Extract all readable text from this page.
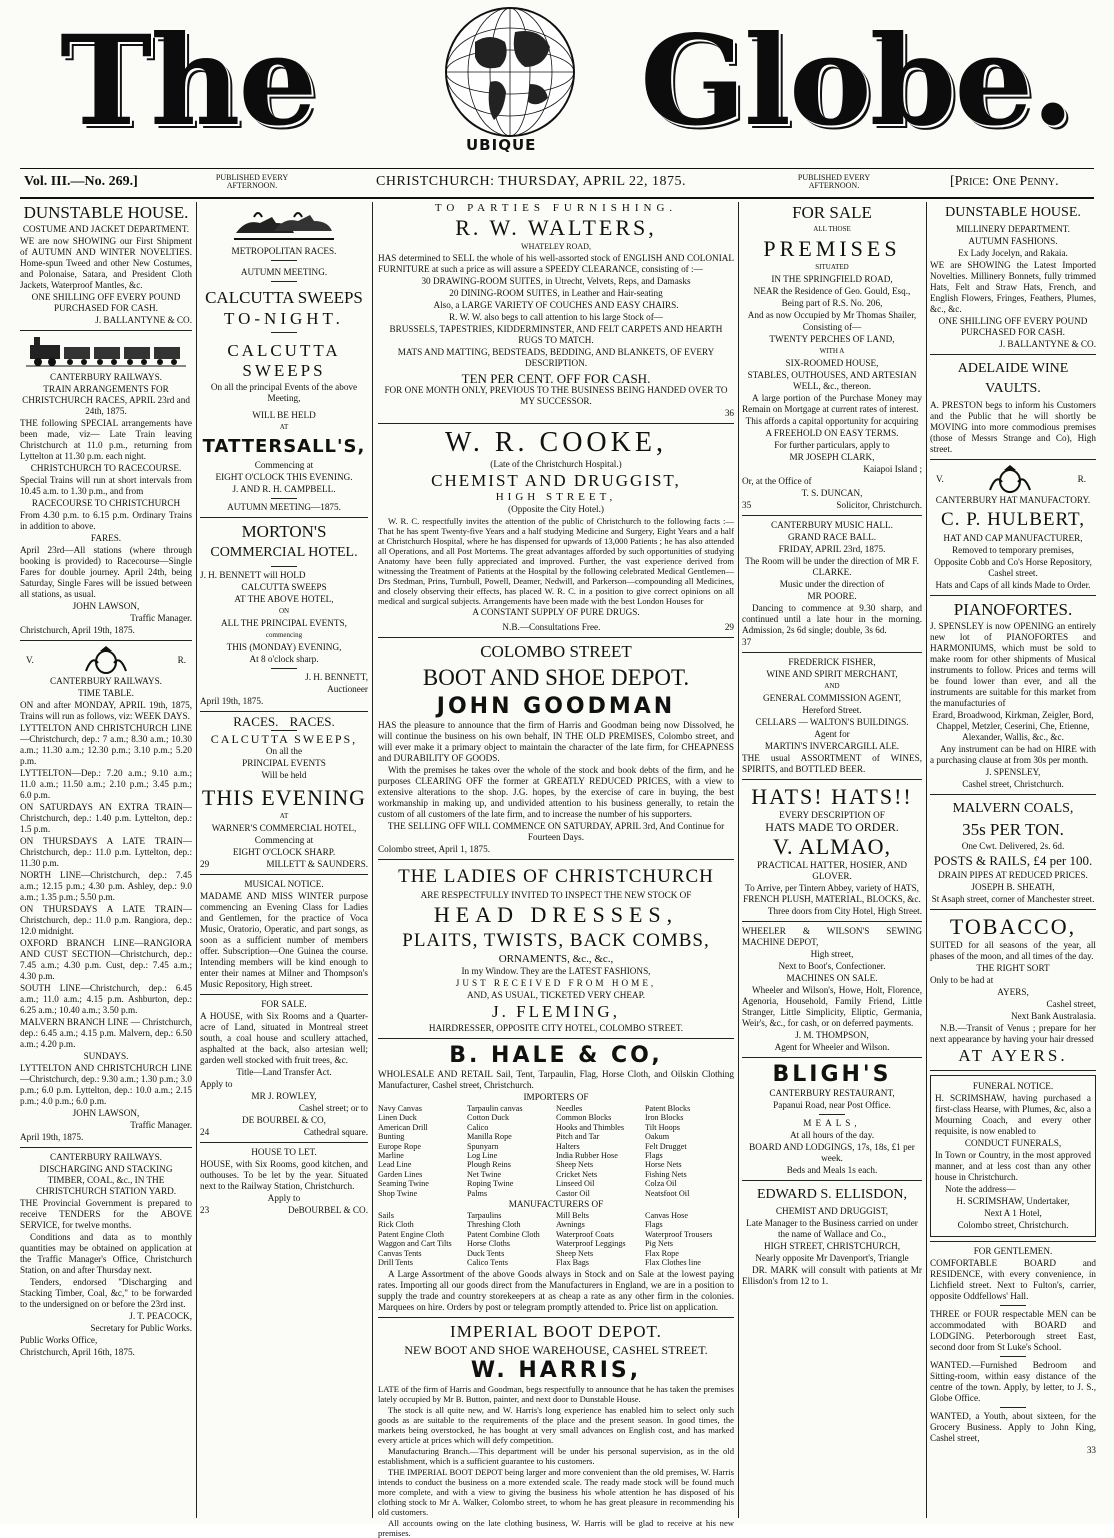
The	UBIQUE Globe.
Vol. III.—No. 269.]	PUBLISHED EVERY AFTERNOON.	CHRISTCHURCH: THURSDAY, APRIL 22, 1875.	PUBLISHED EVERY AFTERNOON.	[Price: One Penny.

DUNSTABLE HOUSE.

COSTUME AND JACKET DEPARTMENT.

WE are now SHOWING our First Shipment of AUTUMN AND WINTER NOVELTIES. Home-spun Tweed and other New Costumes, and Polonaise, Satara, and President Cloth Jackets, Waterproof Mantles, &c.

ONE SHILLING OFF EVERY POUND PURCHASED FOR CASH.

J. BALLANTYNE & CO.

CANTERBURY RAILWAYS.

TRAIN ARRANGEMENTS FOR CHRISTCHURCH RACES, APRIL 23rd and 24th, 1875.

THE following SPECIAL arrangements have been made, viz— Late Train leaving Christchurch at 11.0 p.m., returning from Lyttelton at 11.30 p.m. each night.

CHRISTCHURCH TO RACECOURSE.

Special Trains will run at short intervals from 10.45 a.m. to 1.30 p.m., and from

RACECOURSE TO CHRISTCHURCH

From 4.30 p.m. to 6.15 p.m. Ordinary Trains in addition to above.

FARES.

April 23rd—All stations (where through booking is provided) to Racecourse—Single Fares for double journey. April 24th, being Saturday, Single Fares will be issued between all stations, as usual.

JOHN LAWSON,

Traffic Manager.

Christchurch, April 19th, 1875.

V.	R.

CANTERBURY RAILWAYS.

TIME TABLE.

ON and after MONDAY, APRIL 19th, 1875, Trains will run as follows, viz: WEEK DAYS.

LYTTELTON AND CHRISTCHURCH LINE—Christchurch, dep.: 7 a.m.; 8.30 a.m.; 10.30 a.m.; 11.30 a.m.; 12.30 p.m.; 3.10 p.m.; 5.20 p.m.

LYTTELTON—Dep.: 7.20 a.m.; 9.10 a.m.; 11.0 a.m.; 11.50 a.m.; 2.10 p.m.; 3.45 p.m.; 6.0 p.m.

ON SATURDAYS AN EXTRA TRAIN—Christchurch, dep.: 1.40 p.m. Lyttelton, dep.: 1.5 p.m.

ON THURSDAYS A LATE TRAIN—Christchurch, dep.: 11.0 p.m. Lyttelton, dep.: 11.30 p.m.

NORTH LINE—Christchurch, dep.: 7.45 a.m.; 12.15 p.m.; 4.30 p.m. Ashley, dep.: 9.0 a.m.; 1.35 p.m.; 5.50 p.m.

ON THURSDAYS A LATE TRAIN—Christchurch, dep.: 11.0 p.m. Rangiora, dep.: 12.0 midnight.

OXFORD BRANCH LINE—RANGIORA AND CUST SECTION—Christchurch, dep.: 7.45 a.m.; 4.30 p.m. Cust, dep.: 7.45 a.m.; 4.30 p.m.

SOUTH LINE—Christchurch, dep.: 6.45 a.m.; 11.0 a.m.; 4.15 p.m. Ashburton, dep.: 6.25 a.m.; 10.40 a.m.; 3.50 p.m.

MALVERN BRANCH LINE — Christchurch, dep.: 6.45 a.m.; 4.15 p.m. Malvern, dep.: 6.50 a.m.; 4.20 p.m.

SUNDAYS.

LYTTELTON AND CHRISTCHURCH LINE—Christchurch, dep.: 9.30 a.m.; 1.30 p.m.; 3.0 p.m.; 6.0 p.m. Lyttelton, dep.: 10.0 a.m.; 2.15 p.m.; 4.0 p.m.; 6.0 p.m.

JOHN LAWSON,

Traffic Manager.

April 19th, 1875.

CANTERBURY RAILWAYS.

DISCHARGING AND STACKING TIMBER, COAL, &c., IN THE CHRISTCHURCH STATION YARD.

THE Provincial Government is prepared to receive TENDERS for the ABOVE SERVICE, for twelve months.

Conditions and data as to monthly quantities may be obtained on application at the Traffic Manager's Office, Christchurch Station, on and after Thursday next.

Tenders, endorsed "Discharging and Stacking Timber, Coal, &c," to be forwarded to the undersigned on or before the 23rd inst.

J. T. PEACOCK,

Secretary for Public Works.

Public Works Office,

Christchurch, April 16th, 1875.

METROPOLITAN RACES.

AUTUMN MEETING.

CALCUTTA SWEEPS

TO-NIGHT.

CALCUTTA SWEEPS

On all the principal Events of the above Meeting,

WILL BE HELD

AT

TATTERSALL'S,

Commencing at

EIGHT O'CLOCK THIS EVENING.

J. AND R. H. CAMPBELL.

AUTUMN MEETING—1875.

MORTON'S

COMMERCIAL HOTEL.

J. H. BENNETT will HOLD

CALCUTTA SWEEPS

AT THE ABOVE HOTEL,

ON

ALL THE PRINCIPAL EVENTS,

commencing

THIS (MONDAY) EVENING,

At 8 o'clock sharp.

J. H. BENNETT,

Auctioneer

April 19th, 1875.

RACES. RACES.

CALCUTTA SWEEPS,

On all the

PRINCIPAL EVENTS

Will be held

THIS EVENING

AT

WARNER'S COMMERCIAL HOTEL,

Commencing at

EIGHT O'CLOCK SHARP.

29	MILLETT & SAUNDERS.

MUSICAL NOTICE.

MADAME AND MISS WINTER purpose commencing an Evening Class for Ladies and Gentlemen, for the practice of Voca Music, Oratorio, Operatic, and part songs, as soon as a sufficient number of members offer. Subscription—One Guinea the course. Intending members will be kind enough to enter their names at Milner and Thompson's Music Repository, High street.

FOR SALE.

A HOUSE, with Six Rooms and a Quarter-acre of Land, situated in Montreal street south, a coal house and scullery attached, asphalted at the back, also artesian well; garden well stocked with fruit trees, &c.

Title—Land Transfer Act.

Apply to

MR J. ROWLEY,

Cashel street; or to

DE BOURBEL & CO,

24	Cathedral square.

HOUSE TO LET.

HOUSE, with Six Rooms, good kitchen, and outhouses. To be let by the year. Situated next to the Railway Station, Christchurch.

Apply to

23	DeBOURBEL & CO.

TO PARTIES FURNISHING.

R. W. WALTERS,

WHATELEY ROAD,

HAS determined to SELL the whole of his well-assorted stock of ENGLISH AND COLONIAL FURNITURE at such a price as will assure a SPEEDY CLEARANCE, consisting of :—

30 DRAWING-ROOM SUITES, in Utrecht, Velvets, Reps, and Damasks

20 DINING-ROOM SUITES, in Leather and Hair-seating

Also, a LARGE VARIETY OF COUCHES AND EASY CHAIRS.

R. W. W. also begs to call attention to his large Stock of—

BRUSSELS, TAPESTRIES, KIDDERMINSTER, AND FELT CARPETS AND HEARTH RUGS TO MATCH.

MATS AND MATTING, BEDSTEADS, BEDDING, AND BLANKETS, OF EVERY DESCRIPTION.

TEN PER CENT. OFF FOR CASH.

FOR ONE MONTH ONLY, PREVIOUS TO THE BUSINESS BEING HANDED OVER TO MY SUCCESSOR.

36

W. R. COOKE,

(Late of the Christchurch Hospital.)

CHEMIST AND DRUGGIST,

HIGH STREET,

(Opposite the City Hotel.)

W. R. C. respectfully invites the attention of the public of Christchurch to the following facts :—That he has spent Twenty-five Years and a half studying Medicine and Surgery, Eight Years and a half at Christchurch Hospital, where he has dispensed for upwards of 13,000 Patients ; he has also attended all Operations, and all Post Mortems. The great advantages afforded by such opportunities of studying Anatomy have been fully appreciated and improved. Further, the vast experience derived from witnessing the Treatment of Patients at the Hospital by the following celebrated Medical Gentlemen—Drs Stedman, Prins, Turnbull, Powell, Deamer, Nedwill, and Parkerson—compounding all Medicines, and closely observing their effects, has placed W. R. C. in a position to give correct opinions on all medical and surgical subjects. Arrangements have been made with the best London Houses for

A CONSTANT SUPPLY OF PURE DRUGS.

N.B.—Consultations Free.	29

COLOMBO STREET

BOOT AND SHOE DEPOT.

JOHN GOODMAN

HAS the pleasure to announce that the firm of Harris and Goodman being now Dissolved, he will continue the business on his own behalf, IN THE OLD PREMISES, Colombo street, and will ever make it a primary object to maintain the character of the late firm, for CHEAPNESS and DURABILITY OF GOODS.

With the premises he takes over the whole of the stock and book debts of the firm, and he purposes CLEARING OFF the former at GREATLY REDUCED PRICES, with a view to extensive alterations to the shop. J.G. hopes, by the exercise of care in buying, the best workmanship in making up, and undivided attention to his business generally, to retain the custom of all customers of the late firm, and to increase the number of his supporters.

THE SELLING OFF WILL COMMENCE ON SATURDAY, APRIL 3rd, And Continue for Fourteen Days.

Colombo street, April 1, 1875.

THE LADIES OF CHRISTCHURCH

ARE RESPECTFULLY INVITED TO INSPECT THE NEW STOCK OF

HEAD DRESSES,

PLAITS, TWISTS, BACK COMBS,

ORNAMENTS, &c., &c.,

In my Window. They are the LATEST FASHIONS,

JUST RECEIVED FROM HOME,

AND, AS USUAL, TICKETED VERY CHEAP.

J. FLEMING,

HAIRDRESSER, OPPOSITE CITY HOTEL, COLOMBO STREET.

B. HALE & CO,

WHOLESALE AND RETAIL Sail, Tent, Tarpaulin, Flag, Horse Cloth, and Oilskin Clothing Manufacturer, Cashel street, Christchurch.

IMPORTERS OF

Navy Canvas	Tarpaulin canvas	Needles	Patent Blocks
Linen Duck	Cotton Duck	Common Blocks	Iron Blocks
American Drill	Calico	Hooks and Thimbles	Tilt Hoops
Bunting	Manilla Rope	Pitch and Tar	Oakum
Europe Rope	Spunyarn	Halters	Felt Drugget
Marline	Log Line	India Rubber Hose	Flags
Lead Line	Plough Reins	Sheep Nets	Horse Nets
Garden Lines	Net Twine	Cricket Nets	Fishing Nets
Seaming Twine	Roping Twine	Linseed Oil	Colza Oil
Shop Twine	Palms	Castor Oil	Neatsfoot Oil

MANUFACTURERS OF

Sails	Tarpaulins	Mill Belts	Canvas Hose
Rick Cloth	Threshing Cloth	Awnings	Flags
Patent Engine Cloth	Patent Combine Cloth	Waterproof Coats	Waterproof Trousers
Waggon and Cart Tilts	Horse Cloths	Waterproof Leggings	Pig Nets
Canvas Tents	Duck Tents	Sheep Nets	Flax Rope
Drill Tents	Calico Tents	Flax Bags	Flax Clothes line

A Large Assortment of the above Goods always in Stock and on Sale at the lowest paying rates. Importing all our goods direct from the Manufacturers in England, we are in a position to supply the trade and country storekeepers at as cheap a rate as any other firm in the colonies. Marquees on hire. Orders by post or telegram promptly attended to. Price list on application.

IMPERIAL BOOT DEPOT.

NEW BOOT AND SHOE WAREHOUSE, CASHEL STREET.

W. HARRIS,

LATE of the firm of Harris and Goodman, begs respectfully to announce that he has taken the premises lately occupied by Mr B. Button, painter, and next door to Dunstable House.

The stock is all quite new, and W. Harris's long experience has enabled him to select only such goods as are suitable to the requirements of the place and the present season. In good times, the markets being overstocked, he has bought at very small advances on English cost, and has marked every article at prices which will defy competition.

Manufacturing Branch.—This department will be under his personal supervision, as in the old establishment, which is a sufficient guarantee to his customers.

THE IMPERIAL BOOT DEPOT being larger and more convenient than the old premises, W. Harris intends to conduct the business on a more extended scale. The ready made stock will be found much more complete, and with a view to giving the business his whole attention he has disposed of his clothing stock to Mr A. Walker, Colombo street, to whom he has great pleasure in recommending his old customers.

All accounts owing on the late clothing business, W. Harris will be glad to receive at his new premises.

FOR SALE

ALL THOSE

PREMISES

SITUATED

IN THE SPRINGFIELD ROAD,

NEAR the Residence of Geo. Gould, Esq.,

Being part of R.S. No. 206,

And as now Occupied by Mr Thomas Shailer,

Consisting of—

TWENTY PERCHES OF LAND,

WITH A

SIX-ROOMED HOUSE,

STABLES, OUTHOUSES, AND ARTESIAN WELL, &c., thereon.

A large portion of the Purchase Money may Remain on Mortgage at current rates of interest.

This affords a capital opportunity for acquiring

A FREEHOLD ON EASY TERMS.

For further particulars, apply to

MR JOSEPH CLARK,

Kaiapoi Island ;

Or, at the Office of

T. S. DUNCAN,

35	Solicitor, Christchurch.

CANTERBURY MUSIC HALL.

GRAND RACE BALL.

FRIDAY, APRIL 23rd, 1875.

The Room will be under the direction of MR F. CLARKE.

Music under the direction of

MR POORE.

Dancing to commence at 9.30 sharp, and continued until a late hour in the morning. Admission, 2s 6d single; double, 3s 6d.

37

FREDERICK FISHER,

WINE AND SPIRIT MERCHANT,

AND

GENERAL COMMISSION AGENT,

Hereford Street.

CELLARS — WALTON'S BUILDINGS.

Agent for

MARTIN'S INVERCARGILL ALE.

THE usual ASSORTMENT of WINES, SPIRITS, and BOTTLED BEER.

HATS! HATS!!

EVERY DESCRIPTION OF

HATS MADE TO ORDER.

V. ALMAO,

PRACTICAL HATTER, HOSIER, AND GLOVER.

To Arrive, per Tintern Abbey, variety of HATS, FRENCH PLUSH, MATERIAL, BLOCKS, &c.

Three doors from City Hotel, High Street.

WHEELER & WILSON'S SEWING MACHINE DEPOT,

High street,

Next to Boot's, Confectioner.

MACHINES ON SALE.

Wheeler and Wilson's, Howe, Holt, Florence, Agenoria, Household, Family Friend, Little Stranger, Little Simplicity, Eliptic, Germania, Weir's, &c., for cash, or on deferred payments.

J. M. THOMPSON,

Agent for Wheeler and Wilson.

BLIGH'S

CANTERBURY RESTAURANT,

Papanui Road, near Post Office.

MEALS,

At all hours of the day.

BOARD AND LODGINGS, 17s, 18s, £1 per week.

Beds and Meals 1s each.

EDWARD S. ELLISDON,

CHEMIST AND DRUGGIST,

Late Manager to the Business carried on under the name of Wallace and Co.,

HIGH STREET, CHRISTCHURCH,

Nearly opposite Mr Davenport's, Triangle

DR. MARK will consult with patients at Mr Ellisdon's from 12 to 1.

DUNSTABLE HOUSE.

MILLINERY DEPARTMENT.

AUTUMN FASHIONS.

Ex Lady Jocelyn, and Rakaia.

WE are SHOWING the Latest Imported Novelties. Millinery Bonnets, fully trimmed Hats, Felt and Straw Hats, French, and English Flowers, Fringes, Feathers, Plumes, &c., &c.

ONE SHILLING OFF EVERY POUND PURCHASED FOR CASH.

J. BALLANTYNE & CO.

ADELAIDE WINE VAULTS.

A. PRESTON begs to inform his Customers and the Public that he will shortly be MOVING into more commodious premises (those of Messrs Strange and Co), High street.

V.	R.

CANTERBURY HAT MANUFACTORY.

C. P. HULBERT,

HAT AND CAP MANUFACTURER,

Removed to temporary premises,

Opposite Cobb and Co's Horse Repository, Cashel street.

Hats and Caps of all kinds Made to Order.

PIANOFORTES.

J. SPENSLEY is now OPENING an entirely new lot of PIANOFORTES and HARMONIUMS, which must be sold to make room for other shipments of Musical instruments to follow. Prices and terms will be found lower than ever, and all the instruments are suitable for this market from the manufacturies of

Erard, Broadwood, Kirkman, Zeigler, Bord, Chappel, Metzler, Ceserini, Che, Etienne, Alexander, Wallis, &c., &c.

Any instrument can be had on HIRE with a purchasing clause at from 30s per month.

J. SPENSLEY,

Cashel street, Christchurch.

MALVERN COALS,

35s PER TON.

One Cwt. Delivered, 2s. 6d.

POSTS & RAILS, £4 per 100.

DRAIN PIPES AT REDUCED PRICES.

JOSEPH B. SHEATH,

St Asaph street, corner of Manchester street.

TOBACCO,

SUITED for all seasons of the year, all phases of the moon, and all times of the day.

THE RIGHT SORT

Only to be had at

AYERS,

Cashel street,

Next Bank Australasia.

N.B.—Transit of Venus ; prepare for her next appearance by having your hair dressed

AT AYERS.

FUNERAL NOTICE.

H. SCRIMSHAW, having purchased a first-class Hearse, with Plumes, &c, also a Mourning Coach, and every other requisite, is now enabled to

CONDUCT FUNERALS,

In Town or Country, in the most approved manner, and at less cost than any other house in Christchurch.

Note the address—

H. SCRIMSHAW, Undertaker,

Next A 1 Hotel,

Colombo street, Christchurch.

FOR GENTLEMEN.

COMFORTABLE BOARD and RESIDENCE, with every convenience, in Lichfield street. Next to Fulton's, carrier, opposite Oddfellows' Hall.

THREE or FOUR respectable MEN can be accommodated with BOARD and LODGING. Peterborough street East, second door from St Luke's School.

WANTED.—Furnished Bedroom and Sitting-room, within easy distance of the centre of the town. Apply, by letter, to J. S., Globe Office.

WANTED, a Youth, about sixteen, for the Grocery Business. Apply to John King, Cashel street,

33
